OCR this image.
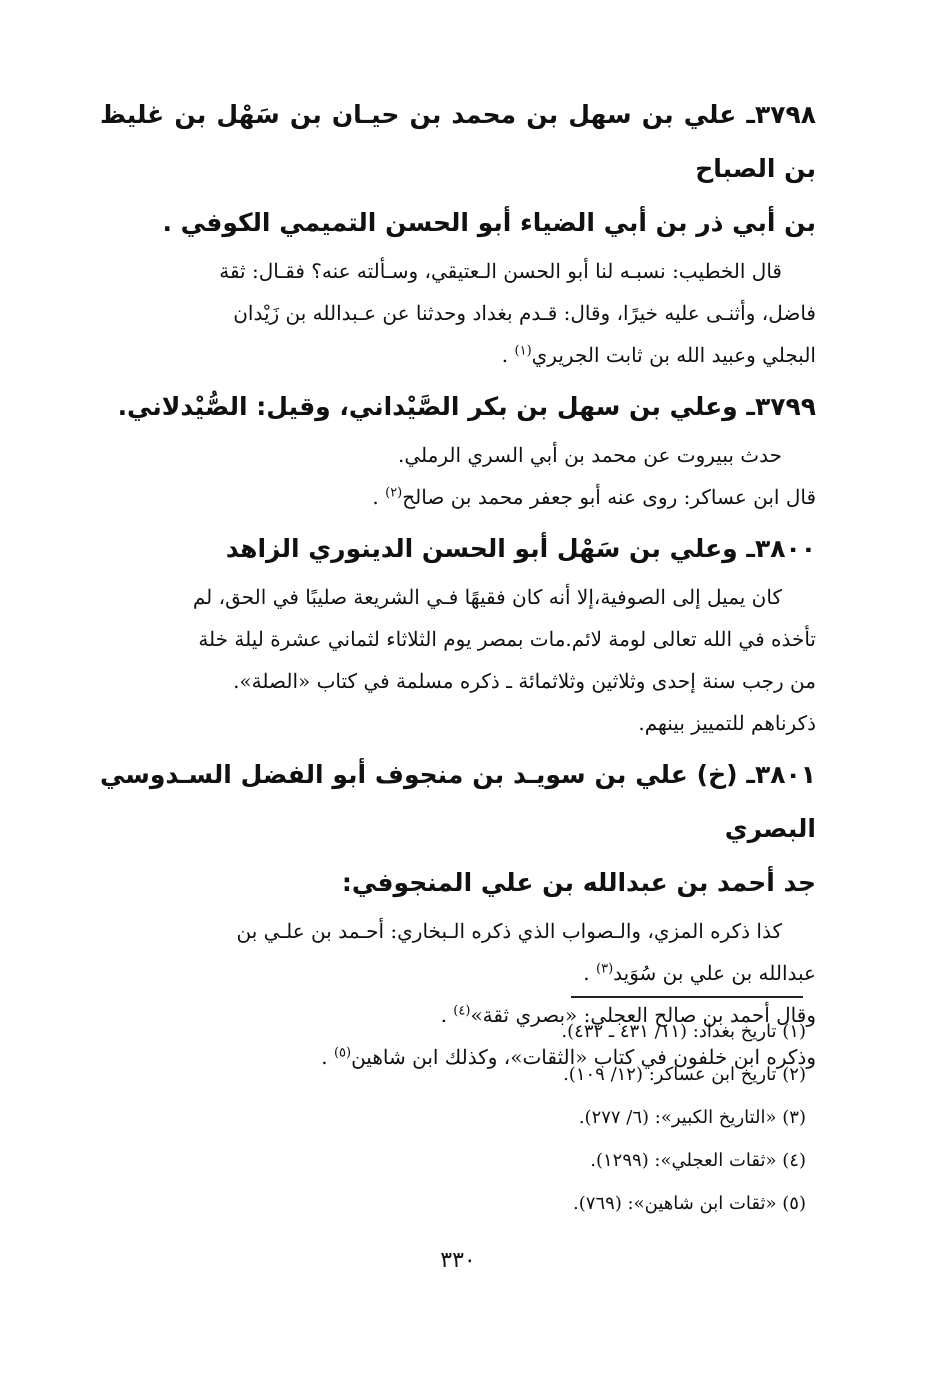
٣٧٩٨ـ علي بن سهل بن محمد بن حيـان بن سَهْل بن غليظ بن الصباح
بن أبي ذر بن أبي الضياء أبو الحسن التميمي الكوفي .
قال الخطيب: نسبـه لنا أبو الحسن الـعتيقي، وسـألته عنه؟ فقـال: ثقة
فاضل، وأثنـى عليه خيرًا، وقال: قـدم بغداد وحدثنا عن عـبدالله بن زَيْدان
البجلي وعبيد الله بن ثابت الجريري$^{(١)}$ .
٣٧٩٩ـ وعلي بن سهل بن بكر الصَّيْداني، وقيل: الصُّيْدلاني.
حدث ببيروت عن محمد بن أبي السري الرملي.
قال ابن عساكر: روى عنه أبو جعفر محمد بن صالح$^{(٢)}$ .
٣٨٠٠ـ وعلي بن سَهْل أبو الحسن الدينوري الزاهد
كان يميل إلى الصوفية،إلا أنه كان فقيهًا فـي الشريعة صليبًا في الحق، لم
تأخذه في الله تعالى لومة لائم.مات بمصر يوم الثلاثاء لثماني عشرة ليلة خلة
من رجب سنة إحدى وثلاثين وثلاثمائة ـ ذكره مسلمة في كتاب «الصلة».
ذكرناهم للتمييز بينهم.
٣٨٠١ـ (خ) علي بن سويـد بن منجوف أبو الفضل السـدوسي البصري
جد أحمد بن عبدالله بن علي المنجوفي:
كذا ذكره المزي، والـصواب الذي ذكره الـبخاري: أحـمد بن علـي بن
عبدالله بن علي بن سُوَيد$^{(٣)}$ .
وقال أحمد بن صالح العجلي: «بصري ثقة»$^{(٤)}$ .
وذكره ابن خلفون في كتاب «الثقات»، وكذلك ابن شاهين$^{(٥)}$ .
(١) تاريخ بغداد: (١١/ ٤٣١ ـ ٤٣٢).
(٢) تاريخ ابن عساكر: (١٢/ ١٠٩).
(٣) «التاريخ الكبير»: (٦/ ٢٧٧).
(٤) «ثقات العجلي»: (١٢٩٩).
(٥) «ثقات ابن شاهين»: (٧٦٩).
٣٣٠
